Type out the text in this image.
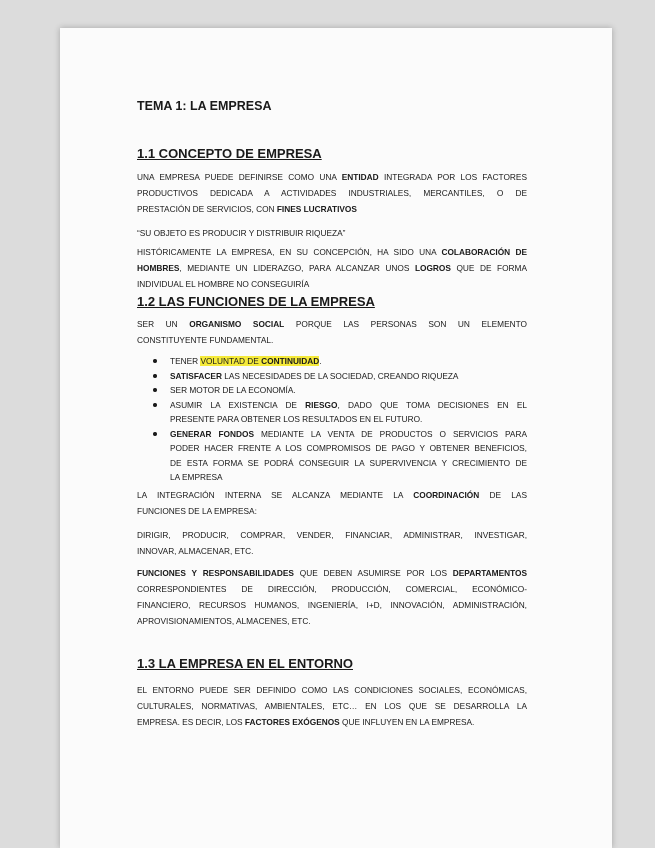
TEMA 1: LA EMPRESA
1.1 CONCEPTO DE EMPRESA
UNA EMPRESA PUEDE DEFINIRSE COMO UNA ENTIDAD INTEGRADA POR LOS FACTORES
PRODUCTIVOS DEDICADA A ACTIVIDADES INDUSTRIALES, MERCANTILES, O DE
PRESTACIÓN DE SERVICIOS, CON FINES LUCRATIVOS
“SU OBJETO ES PRODUCIR Y DISTRIBUIR RIQUEZA”
HISTÓRICAMENTE LA EMPRESA, EN SU CONCEPCIÓN, HA SIDO UNA COLABORACIÓN DE
HOMBRES, MEDIANTE UN LIDERAZGO, PARA ALCANZAR UNOS LOGROS QUE DE FORMA
INDIVIDUAL EL HOMBRE NO CONSEGUIRÍA
1.2 LAS FUNCIONES DE LA EMPRESA
SER UN ORGANISMO SOCIAL PORQUE LAS PERSONAS SON UN ELEMENTO
CONSTITUYENTE FUNDAMENTAL.
TENER VOLUNTAD DE CONTINUIDAD.
SATISFACER LAS NECESIDADES DE LA SOCIEDAD, CREANDO RIQUEZA
SER MOTOR DE LA ECONOMÍA.
ASUMIR LA EXISTENCIA DE RIESGO, DADO QUE TOMA DECISIONES EN EL
PRESENTE PARA OBTENER LOS RESULTADOS EN EL FUTURO.
GENERAR FONDOS MEDIANTE LA VENTA DE PRODUCTOS O SERVICIOS PARA
PODER HACER FRENTE A LOS COMPROMISOS DE PAGO Y OBTENER BENEFICIOS,
DE ESTA FORMA SE PODRÁ CONSEGUIR LA SUPERVIVENCIA Y CRECIMIENTO DE
LA EMPRESA
LA INTEGRACIÓN INTERNA SE ALCANZA MEDIANTE LA COORDINACIÓN DE LAS
FUNCIONES DE LA EMPRESA:
DIRIGIR, PRODUCIR, COMPRAR, VENDER, FINANCIAR, ADMINISTRAR, INVESTIGAR,
INNOVAR, ALMACENAR, ETC.
FUNCIONES Y RESPONSABILIDADES QUE DEBEN ASUMIRSE POR LOS DEPARTAMENTOS
CORRESPONDIENTES DE DIRECCIÓN, PRODUCCIÓN, COMERCIAL, ECONÓMICO-
FINANCIERO, RECURSOS HUMANOS, INGENIERÍA, I+D, INNOVACIÓN, ADMINISTRACIÓN,
APROVISIONAMIENTOS, ALMACENES, ETC.
1.3 LA EMPRESA EN EL ENTORNO
EL ENTORNO PUEDE SER DEFINIDO COMO LAS CONDICIONES SOCIALES, ECONÓMICAS,
CULTURALES, NORMATIVAS, AMBIENTALES, ETC… EN LOS QUE SE DESARROLLA LA
EMPRESA. ES DECIR, LOS FACTORES EXÓGENOS QUE INFLUYEN EN LA EMPRESA.
